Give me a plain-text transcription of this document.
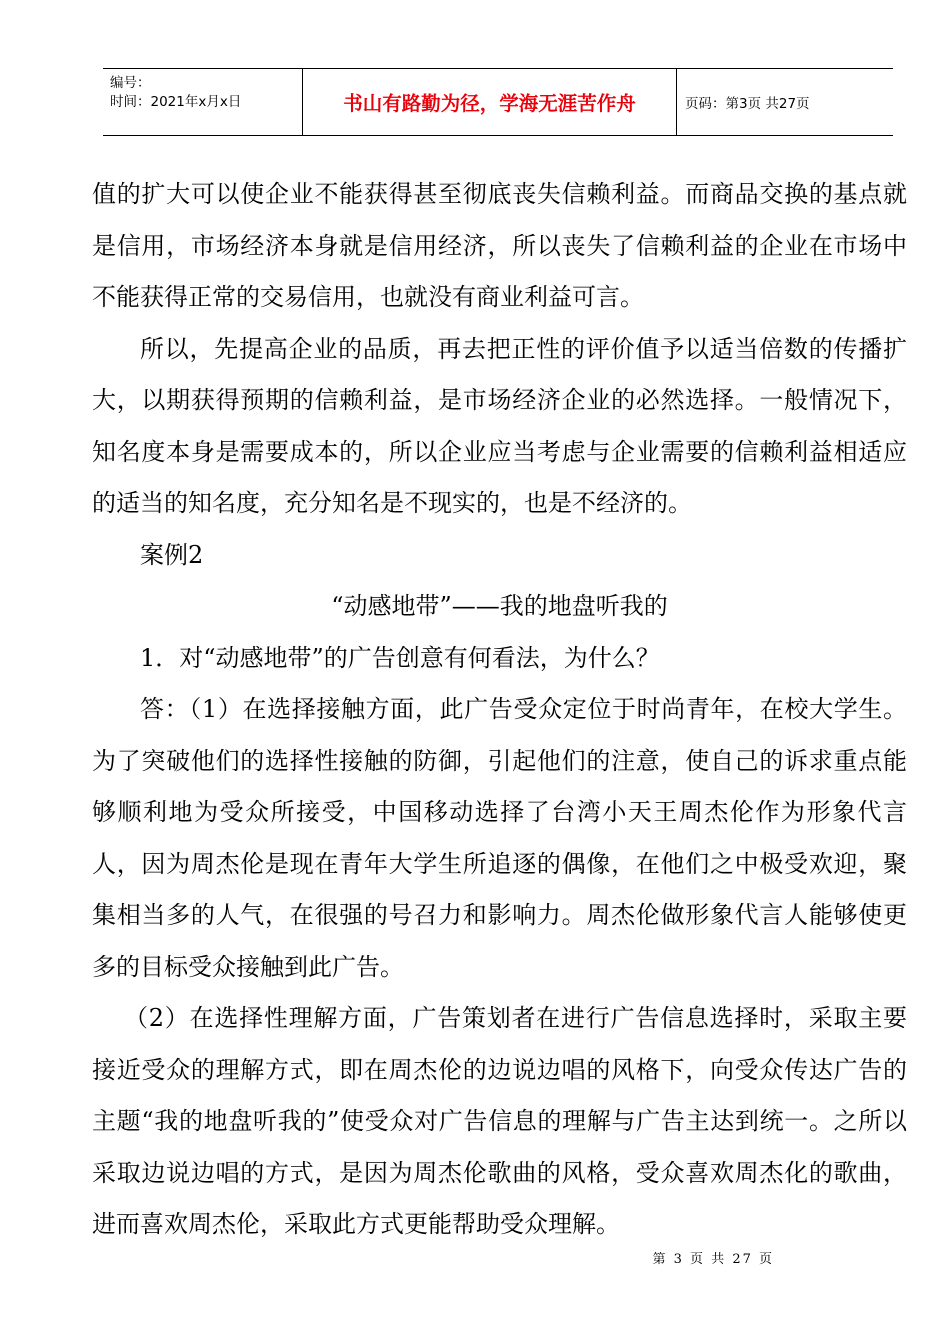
编号：
时间：2021年x月x日	书山有路勤为径，学海无涯苦作舟	页码：第3页 共27页

值的扩大可以使企业不能获得甚至彻底丧失信赖利益。而商品交换的基点就是信用，市场经济本身就是信用经济，所以丧失了信赖利益的企业在市场中不能获得正常的交易信用，也就没有商业利益可言。

所以，先提高企业的品质，再去把正性的评价值予以适当倍数的传播扩大，以期获得预期的信赖利益，是市场经济企业的必然选择。一般情况下，知名度本身是需要成本的，所以企业应当考虑与企业需要的信赖利益相适应的适当的知名度，充分知名是不现实的，也是不经济的。

案例2

“动感地带”——我的地盘听我的

1．对“动感地带”的广告创意有何看法，为什么？

答：（1）在选择接触方面，此广告受众定位于时尚青年，在校大学生。为了突破他们的选择性接触的防御，引起他们的注意，使自己的诉求重点能够顺利地为受众所接受，中国移动选择了台湾小天王周杰伦作为形象代言人，因为周杰伦是现在青年大学生所追逐的偶像，在他们之中极受欢迎，聚集相当多的人气，在很强的号召力和影响力。周杰伦做形象代言人能够使更多的目标受众接触到此广告。

（2）在选择性理解方面，广告策划者在进行广告信息选择时，采取主要接近受众的理解方式，即在周杰伦的边说边唱的风格下，向受众传达广告的主题“我的地盘听我的”使受众对广告信息的理解与广告主达到统一。之所以采取边说边唱的方式，是因为周杰伦歌曲的风格，受众喜欢周杰化的歌曲，进而喜欢周杰伦，采取此方式更能帮助受众理解。

第 3 页 共 27 页
